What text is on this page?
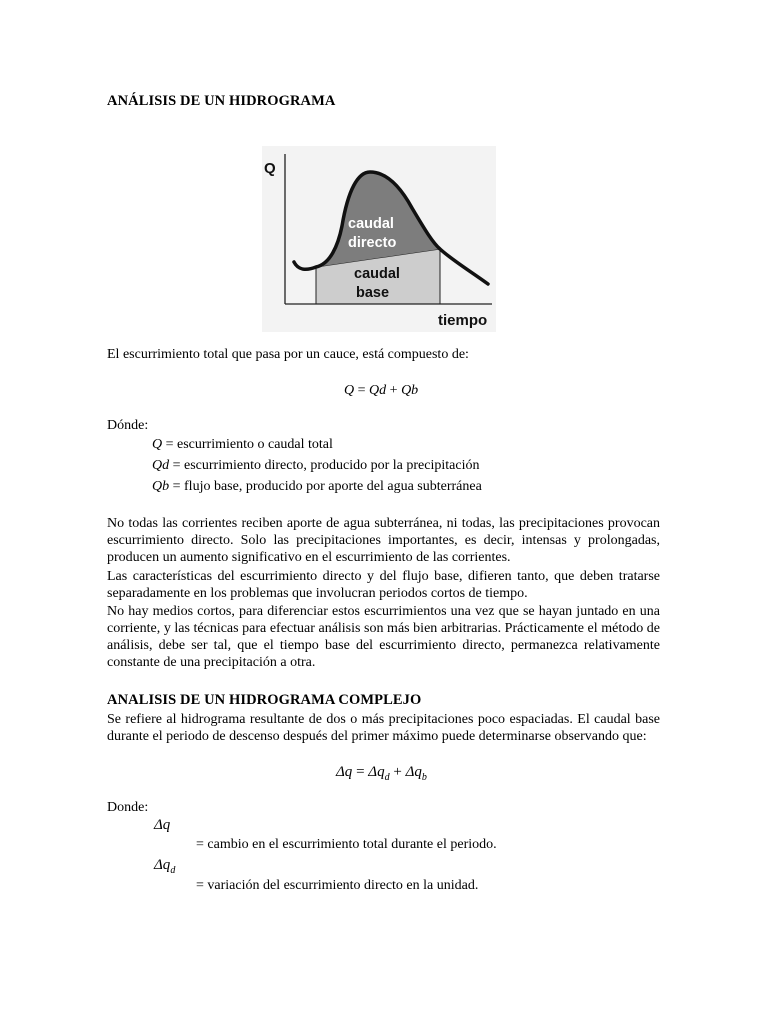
ANÁLISIS DE UN HIDROGRAMA
Q
tiempo
caudal
directo
caudal
base
El escurrimiento total que pasa por un cauce, está compuesto de:
Q = Qd + Qb
Dónde:
Q = escurrimiento o caudal total
Qd = escurrimiento directo, producido por la precipitación
Qb = flujo base, producido por aporte del agua subterránea
No todas las corrientes reciben aporte de agua subterránea, ni todas, las precipitaciones provocan escurrimiento directo. Solo las precipitaciones importantes, es decir, intensas y prolongadas, producen un aumento significativo en el escurrimiento de las corrientes.
Las características del escurrimiento directo y del flujo base, difieren tanto, que deben tratarse separadamente en los problemas que involucran periodos cortos de tiempo.
No hay medios cortos, para diferenciar estos escurrimientos una vez que se hayan juntado en una corriente, y las técnicas para efectuar análisis son más bien arbitrarias. Prácticamente el método de análisis, debe ser tal, que el tiempo base del escurrimiento directo, permanezca relativamente constante de una precipitación a otra.
ANALISIS DE UN HIDROGRAMA COMPLEJO
Se refiere al hidrograma resultante de dos o más precipitaciones poco espaciadas. El caudal base durante el periodo de descenso después del primer máximo puede determinarse observando que:
$\Delta q = \Delta q_d + \Delta q_b$
Donde:
Δq
= cambio en el escurrimiento total durante el periodo.
$\Delta q_d$
= variación del escurrimiento directo en la unidad.
